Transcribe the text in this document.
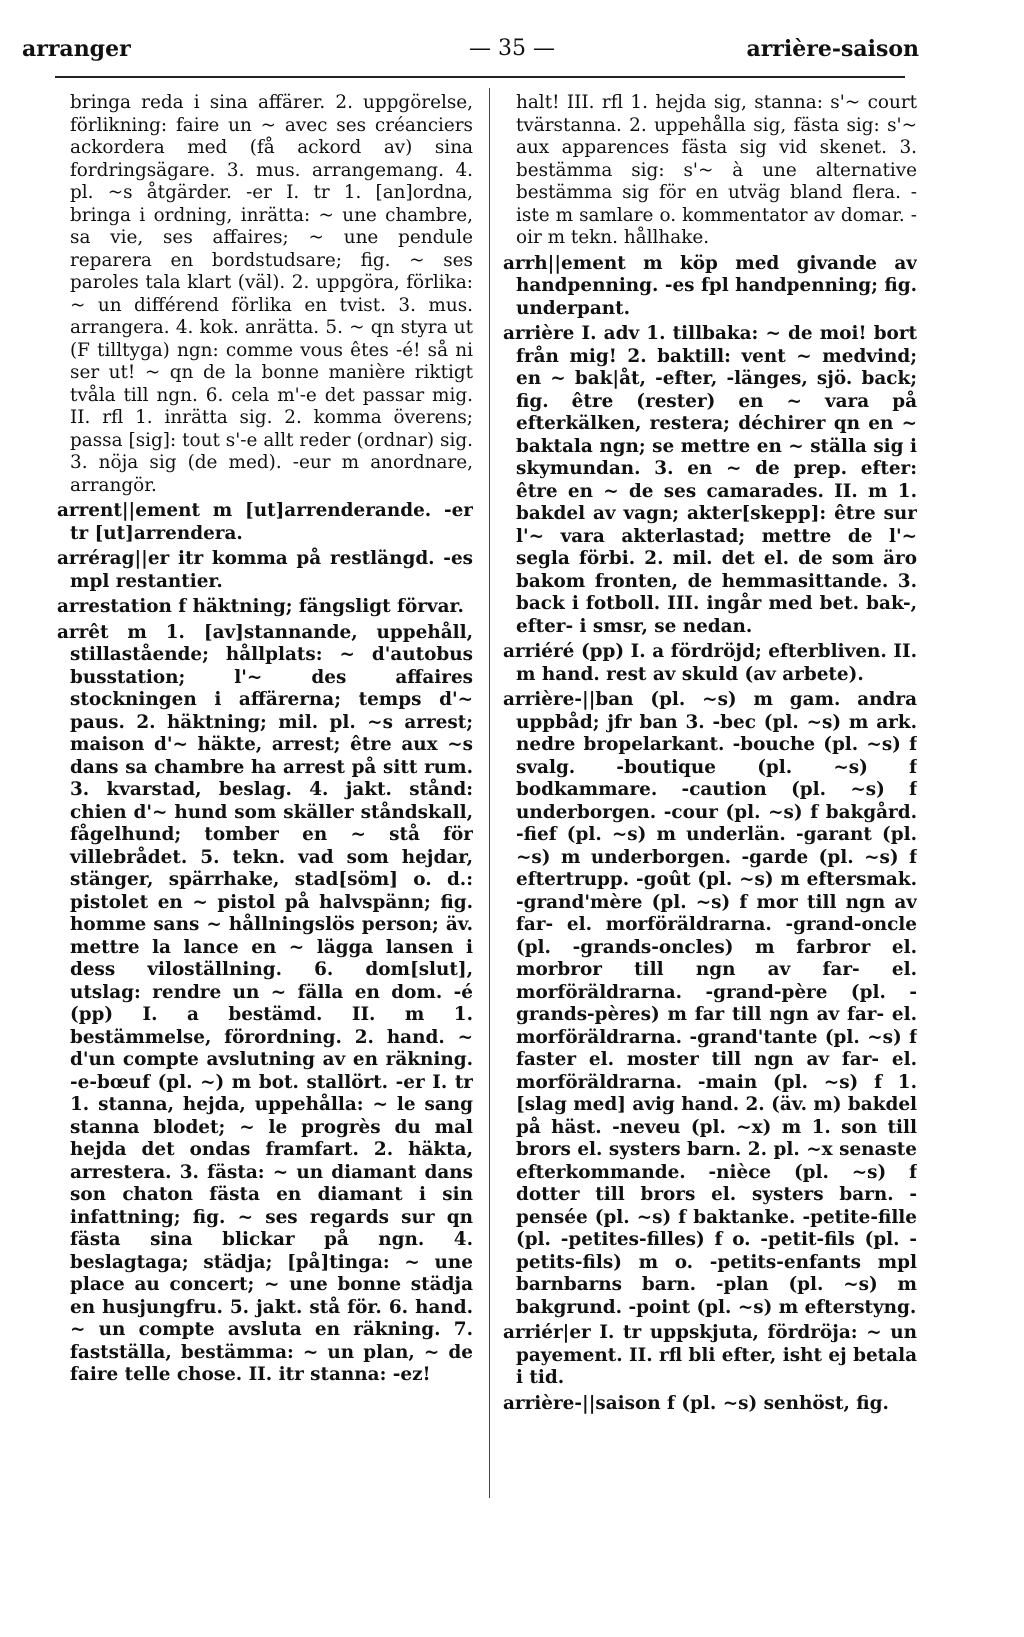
arranger	— 35 —	arrière-saison

bringa reda i sina affärer. 2. uppgörelse, förlikning: faire un ~ avec ses créanciers ackordera med (få ackord av) sina fordringsägare. 3. mus. arrangemang. 4. pl. ~s åtgärder. -er I. tr 1. [an]ordna, bringa i ordning, inrätta: ~ une chambre, sa vie, ses affaires; ~ une pendule reparera en bordstudsare; fig. ~ ses paroles tala klart (väl). 2. uppgöra, förlika: ~ un différend förlika en tvist. 3. mus. arrangera. 4. kok. anrätta. 5. ~ qn styra ut (F tilltyga) ngn: comme vous êtes -é! så ni ser ut! ~ qn de la bonne manière riktigt tvåla till ngn. 6. cela m'-e det passar mig. II. rfl 1. inrätta sig. 2. komma överens; passa [sig]: tout s'-e allt reder (ordnar) sig. 3. nöja sig (de med). -eur m anordnare, arrangör.

arrent||ement m [ut]arrenderande. -er tr [ut]arrendera.

arrérag||er itr komma på restlängd. -es mpl restantier.

arrestation f häktning; fängsligt förvar.

arrêt m 1. [av]stannande, uppehåll, stillastående; hållplats: ~ d'autobus busstation; l'~ des affaires stockningen i affärerna; temps d'~ paus. 2. häktning; mil. pl. ~s arrest; maison d'~ häkte, arrest; être aux ~s dans sa chambre ha arrest på sitt rum. 3. kvarstad, beslag. 4. jakt. stånd: chien d'~ hund som skäller ståndskall, fågelhund; tomber en ~ stå för villebrådet. 5. tekn. vad som hejdar, stänger, spärrhake, stad[söm] o. d.: pistolet en ~ pistol på halvspänn; fig. homme sans ~ hållningslös person; äv. mettre la lance en ~ lägga lansen i dess viloställning. 6. dom[slut], utslag: rendre un ~ fälla en dom. -é (pp) I. a bestämd. II. m 1. bestämmelse, förordning. 2. hand. ~ d'un compte avslutning av en räkning. -e-bœuf (pl. ~) m bot. stallört. -er I. tr 1. stanna, hejda, uppehålla: ~ le sang stanna blodet; ~ le progrès du mal hejda det ondas framfart. 2. häkta, arrestera. 3. fästa: ~ un diamant dans son chaton fästa en diamant i sin infattning; fig. ~ ses regards sur qn fästa sina blickar på ngn. 4. beslagtaga; städja; [på]tinga: ~ une place au concert; ~ une bonne städja en husjungfru. 5. jakt. stå för. 6. hand. ~ un compte avsluta en räkning. 7. fastställa, bestämma: ~ un plan, ~ de faire telle chose. II. itr stanna: -ez!

halt! III. rfl 1. hejda sig, stanna: s'~ court tvärstanna. 2. uppehålla sig, fästa sig: s'~ aux apparences fästa sig vid skenet. 3. bestämma sig: s'~ à une alternative bestämma sig för en utväg bland flera. -iste m samlare o. kommentator av domar. -oir m tekn. hållhake.

arrh||ement m köp med givande av handpenning. -es fpl handpenning; fig. underpant.

arrière I. adv 1. tillbaka: ~ de moi! bort från mig! 2. baktill: vent ~ medvind; en ~ bak|åt, -efter, -länges, sjö. back; fig. être (rester) en ~ vara på efterkälken, restera; déchirer qn en ~ baktala ngn; se mettre en ~ ställa sig i skymundan. 3. en ~ de prep. efter: être en ~ de ses camarades. II. m 1. bakdel av vagn; akter[skepp]: être sur l'~ vara akterlastad; mettre de l'~ segla förbi. 2. mil. det el. de som äro bakom fronten, de hemmasittande. 3. back i fotboll. III. ingår med bet. bak-, efter- i smsr, se nedan.

arriéré (pp) I. a fördröjd; efterbliven. II. m hand. rest av skuld (av arbete).

arrière-||ban (pl. ~s) m gam. andra uppbåd; jfr ban 3. -bec (pl. ~s) m ark. nedre bropelarkant. -bouche (pl. ~s) f svalg. -boutique (pl. ~s) f bodkammare. -caution (pl. ~s) f underborgen. -cour (pl. ~s) f bakgård. -fief (pl. ~s) m underlän. -garant (pl. ~s) m underborgen. -garde (pl. ~s) f eftertrupp. -goût (pl. ~s) m eftersmak. -grand'mère (pl. ~s) f mor till ngn av far- el. morföräldrarna. -grand-oncle (pl. -grands-oncles) m farbror el. morbror till ngn av far- el. morföräldrarna. -grand-père (pl. -grands-pères) m far till ngn av far- el. morföräldrarna. -grand'tante (pl. ~s) f faster el. moster till ngn av far- el. morföräldrarna. -main (pl. ~s) f 1. [slag med] avig hand. 2. (äv. m) bakdel på häst. -neveu (pl. ~x) m 1. son till brors el. systers barn. 2. pl. ~x senaste efterkommande. -nièce (pl. ~s) f dotter till brors el. systers barn. -pensée (pl. ~s) f baktanke. -petite-fille (pl. -petites-filles) f o. -petit-fils (pl. -petits-fils) m o. -petits-enfants mpl barnbarns barn. -plan (pl. ~s) m bakgrund. -point (pl. ~s) m efterstyng.

arriér|er I. tr uppskjuta, fördröja: ~ un payement. II. rfl bli efter, isht ej betala i tid.

arrière-||saison f (pl. ~s) senhöst, fig.
